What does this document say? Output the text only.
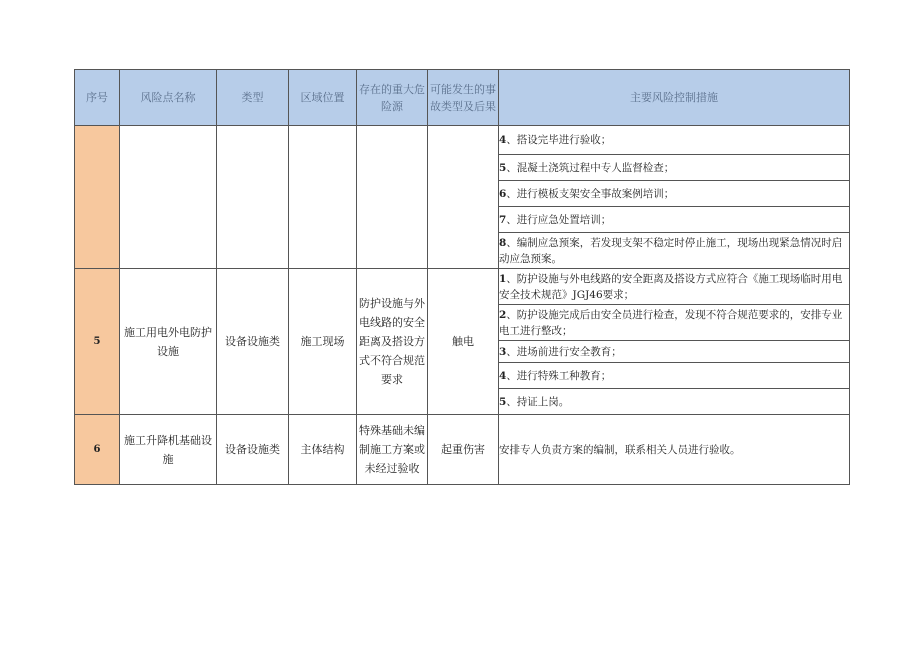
序号	风险点名称	类型	区域位置	存在的重大危险源	可能发生的事故类型及后果	主要风险控制措施
						4、搭设完毕进行验收；
						5、混凝土浇筑过程中专人监督检查；
						6、进行模板支架安全事故案例培训；
						7、进行应急处置培训；
						8、编制应急预案，若发现支架不稳定时停止施工，现场出现紧急情况时启动应急预案。
5	施工用电外电防护设施	设备设施类	施工现场	防护设施与外电线路的安全距离及搭设方式不符合规范要求	触电	1、防护设施与外电线路的安全距离及搭设方式应符合《施工现场临时用电安全技术规范》JGJ46要求；
						2、防护设施完成后由安全员进行检查，发现不符合规范要求的，安排专业电工进行整改；
						3、进场前进行安全教育；
						4、进行特殊工种教育；
						5、持证上岗。
6	施工升降机基础设施	设备设施类	主体结构	特殊基础未编制施工方案或未经过验收	起重伤害	安排专人负责方案的编制，联系相关人员进行验收。
